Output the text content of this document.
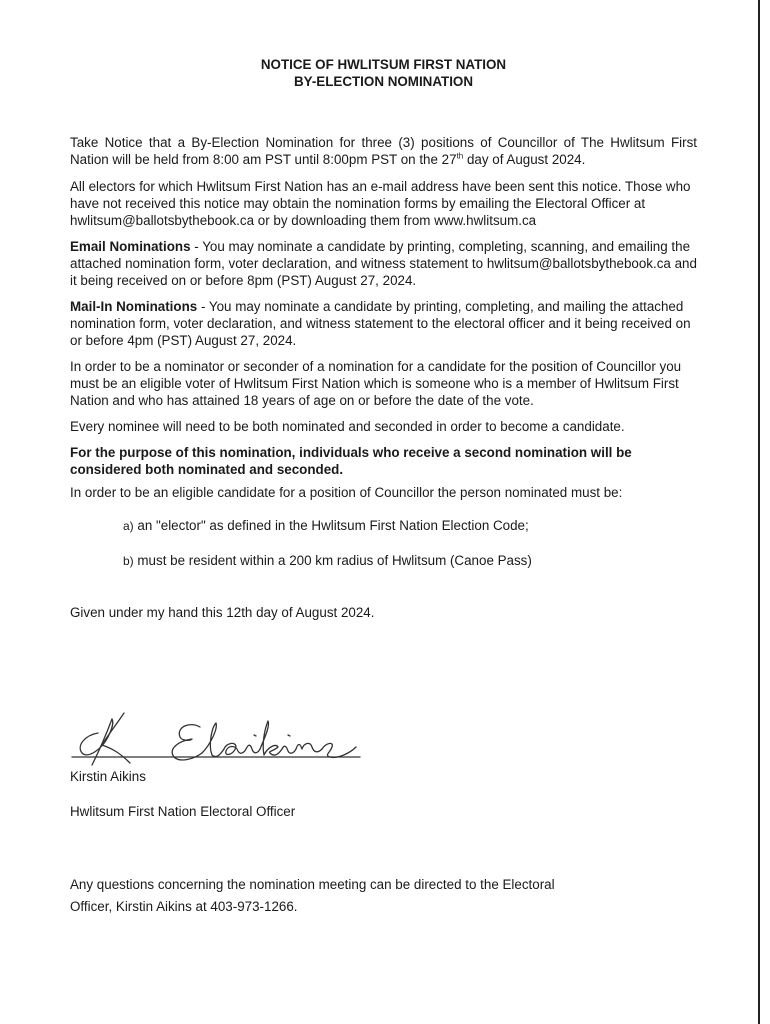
NOTICE OF HWLITSUM FIRST NATION
BY-ELECTION NOMINATION

Take Notice that a By-Election Nomination for three (3) positions of Councillor of The Hwlitsum First Nation will be held from 8:00 am PST until 8:00pm PST on the 27th day of August 2024.

All electors for which Hwlitsum First Nation has an e-mail address have been sent this notice. Those who have not received this notice may obtain the nomination forms by emailing the Electoral Officer at hwlitsum@ballotsbythebook.ca or by downloading them from www.hwlitsum.ca

Email Nominations - You may nominate a candidate by printing, completing, scanning, and emailing the attached nomination form, voter declaration, and witness statement to hwlitsum@ballotsbythebook.ca and it being received on or before 8pm (PST) August 27, 2024.

Mail-In Nominations - You may nominate a candidate by printing, completing, and mailing the attached nomination form, voter declaration, and witness statement to the electoral officer and it being received on or before 4pm (PST) August 27, 2024.

In order to be a nominator or seconder of a nomination for a candidate for the position of Councillor you must be an eligible voter of Hwlitsum First Nation which is someone who is a member of Hwlitsum First Nation and who has attained 18 years of age on or before the date of the vote.

Every nominee will need to be both nominated and seconded in order to become a candidate.

For the purpose of this nomination, individuals who receive a second nomination will be considered both nominated and seconded.

In order to be an eligible candidate for a position of Councillor the person nominated must be:

a) an "elector" as defined in the Hwlitsum First Nation Election Code;

b) must be resident within a 200 km radius of Hwlitsum (Canoe Pass)

Given under my hand this 12th day of August 2024.

Kirstin Aikins
Hwlitsum First Nation Electoral Officer
Any questions concerning the nomination meeting can be directed to the Electoral
Officer, Kirstin Aikins at 403-973-1266.
